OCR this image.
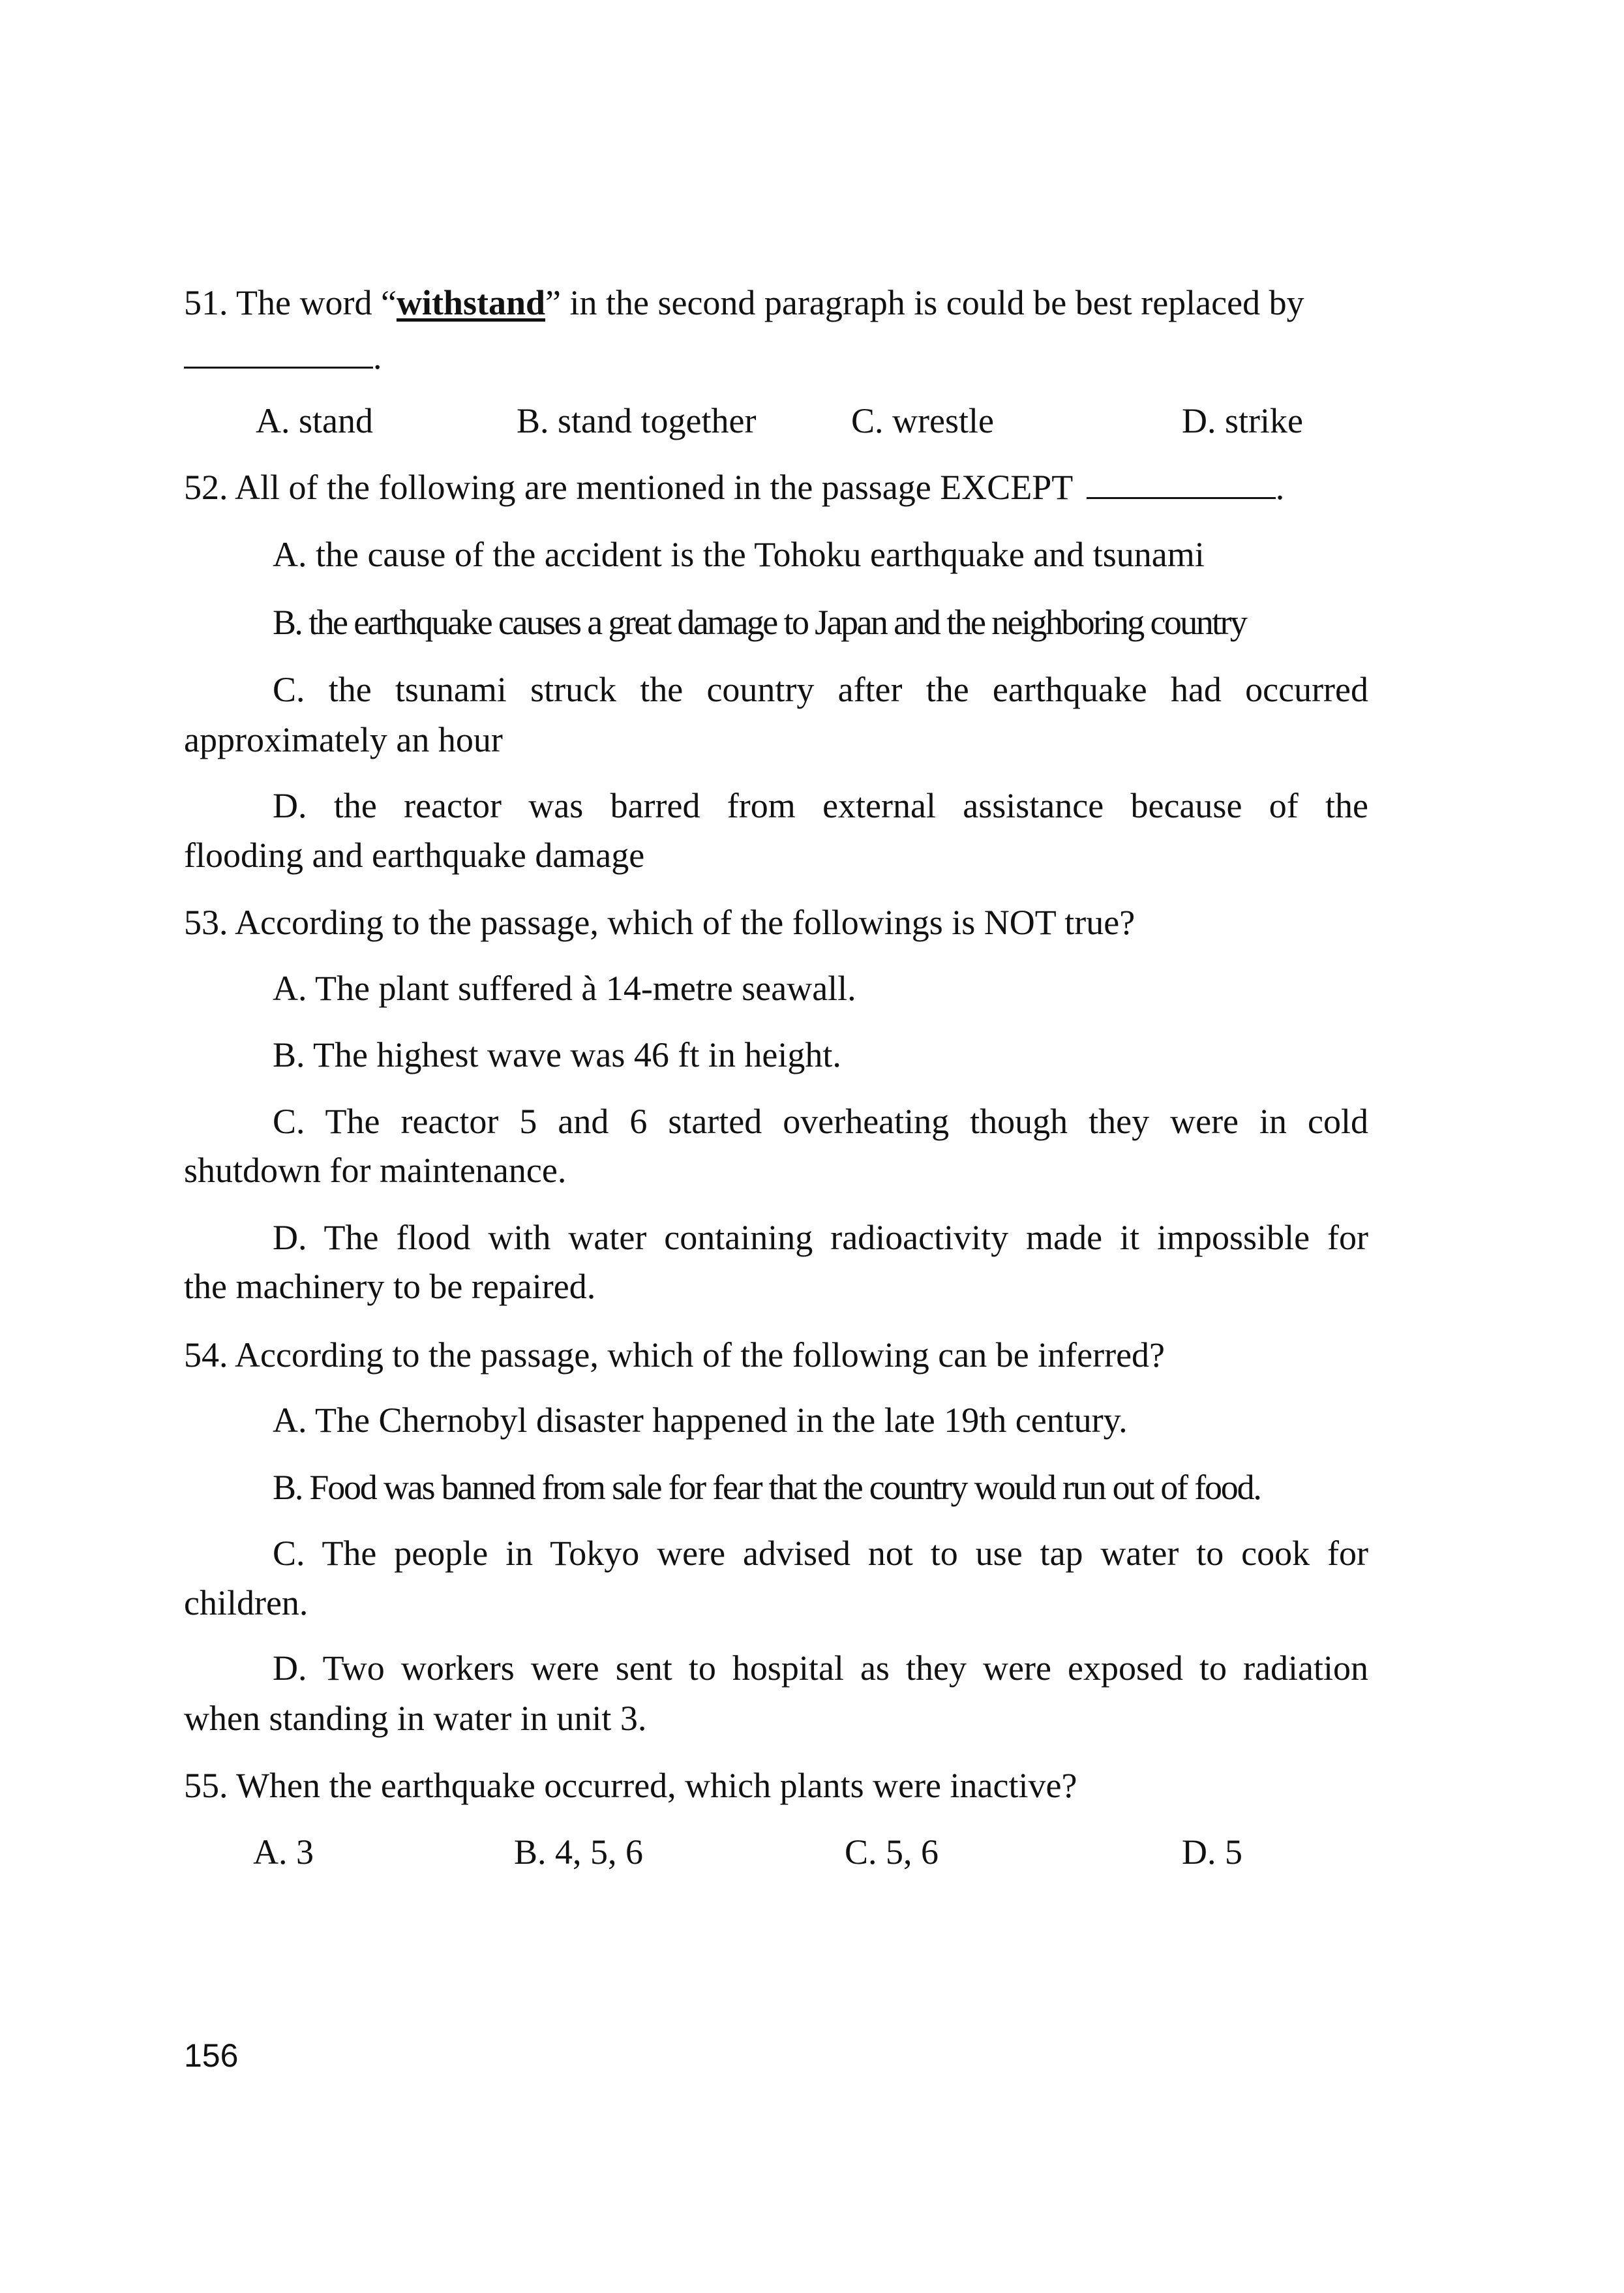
51. The word “withstand” in the second paragraph is could be best replaced by
.
A. stand	B. stand together	C. wrestle	D. strike
52. All of the following are mentioned in the passage EXCEPT	.
A. the cause of the accident is the Tohoku earthquake and tsunami
B. the earthquake causes a great damage to Japan and the neighboring country
C. the tsunami struck the country after the earthquake had occurred
approximately an hour
D. the reactor was barred from external assistance because of the
flooding and earthquake damage
53. According to the passage, which of the followings is NOT true?
A. The plant suffered à 14-metre seawall.
B. The highest wave was 46 ft in height.
C. The reactor 5 and 6 started overheating though they were in cold
shutdown for maintenance.
D. The flood with water containing radioactivity made it impossible for
the machinery to be repaired.
54. According to the passage, which of the following can be inferred?
A. The Chernobyl disaster happened in the late 19th century.
B. Food was banned from sale for fear that the country would run out of food.
C. The people in Tokyo were advised not to use tap water to cook for
children.
D. Two workers were sent to hospital as they were exposed to radiation
when standing in water in unit 3.
55. When the earthquake occurred, which plants were inactive?
A. 3	B. 4, 5, 6	C. 5, 6	D. 5
156
